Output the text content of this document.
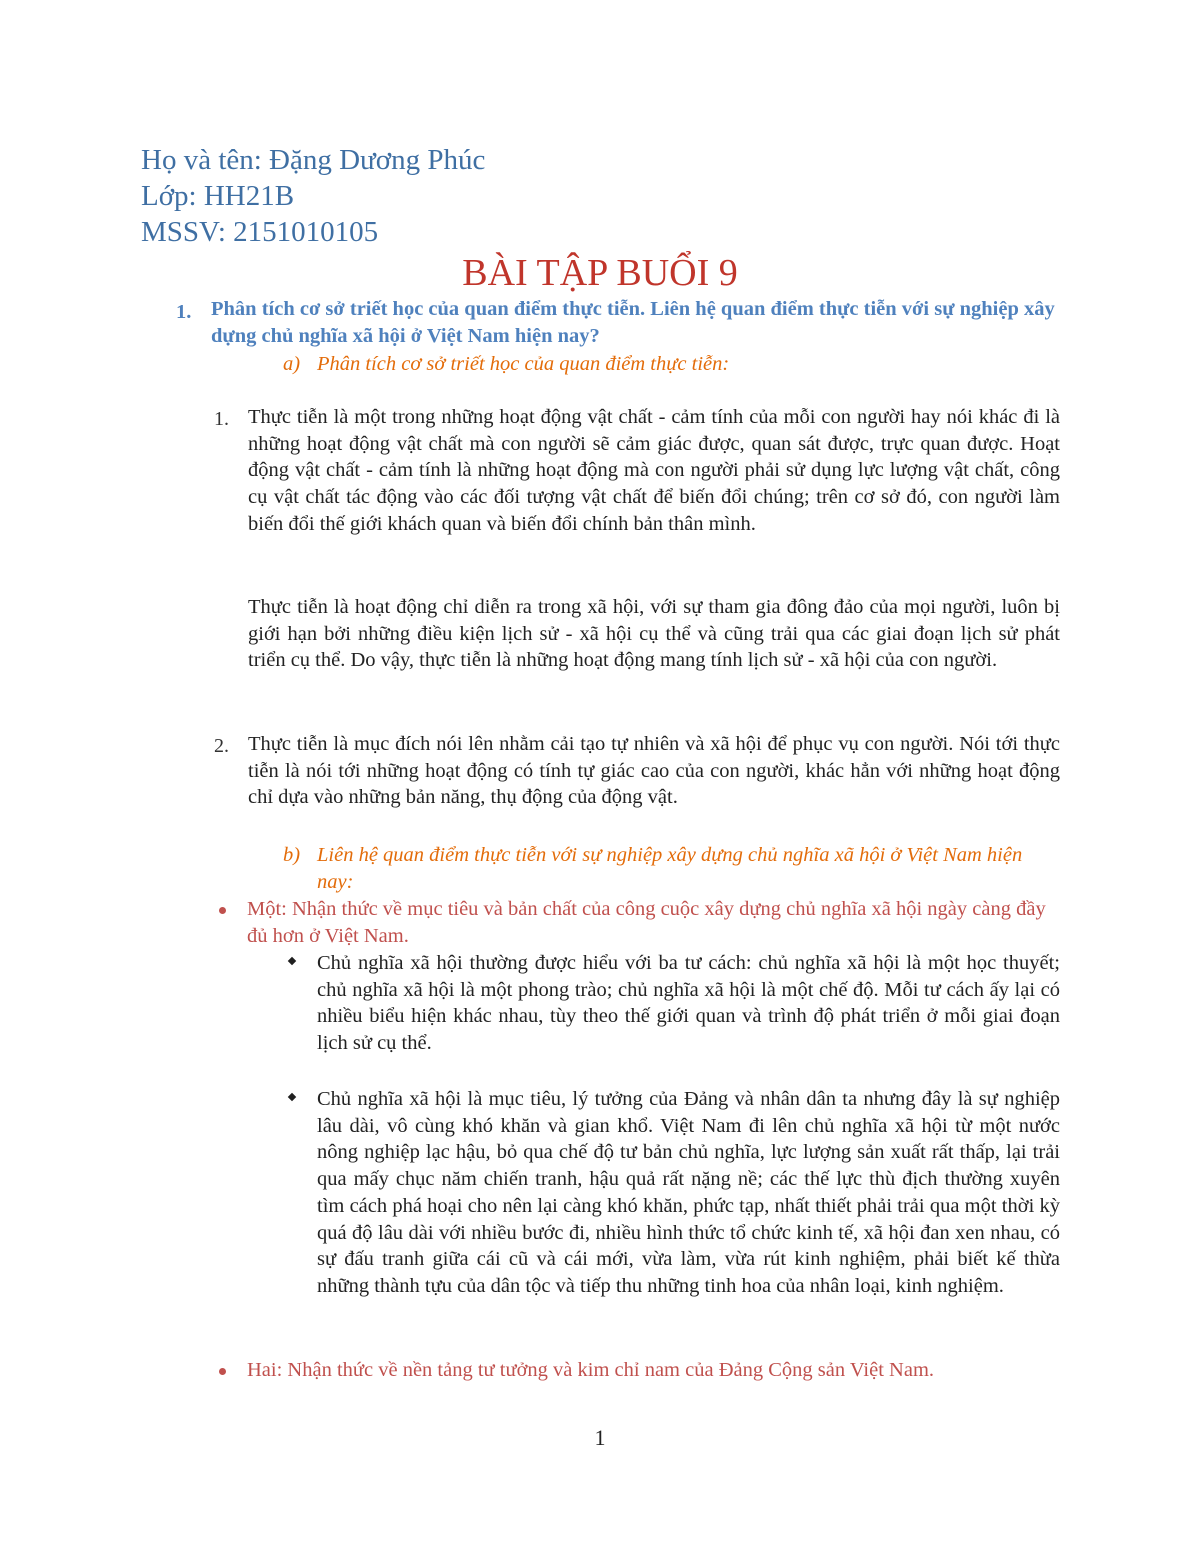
Họ và tên: Đặng Dương Phúc
Lớp: HH21B
MSSV: 2151010105
BÀI TẬP BUỔI 9
1. Phân tích cơ sở triết học của quan điểm thực tiễn. Liên hệ quan điểm thực tiễn với sự nghiệp xây dựng chủ nghĩa xã hội ở Việt Nam hiện nay?
a) Phân tích cơ sở triết học của quan điểm thực tiễn:
1. Thực tiễn là một trong những hoạt động vật chất - cảm tính của mỗi con người hay nói khác đi là những hoạt động vật chất mà con người sẽ cảm giác được, quan sát được, trực quan được. Hoạt động vật chất - cảm tính là những hoạt động mà con người phải sử dụng lực lượng vật chất, công cụ vật chất tác động vào các đối tượng vật chất để biến đổi chúng; trên cơ sở đó, con người làm biến đổi thế giới khách quan và biến đổi chính bản thân mình.
Thực tiễn là hoạt động chỉ diễn ra trong xã hội, với sự tham gia đông đảo của mọi người, luôn bị giới hạn bởi những điều kiện lịch sử - xã hội cụ thể và cũng trải qua các giai đoạn lịch sử phát triển cụ thể. Do vậy, thực tiễn là những hoạt động mang tính lịch sử - xã hội của con người.
2. Thực tiễn là mục đích nói lên nhằm cải tạo tự nhiên và xã hội để phục vụ con người. Nói tới thực tiễn là nói tới những hoạt động có tính tự giác cao của con người, khác hẳn với những hoạt động chỉ dựa vào những bản năng, thụ động của động vật.
b) Liên hệ quan điểm thực tiễn với sự nghiệp xây dựng chủ nghĩa xã hội ở Việt Nam hiện nay:
Một: Nhận thức về mục tiêu và bản chất của công cuộc xây dựng chủ nghĩa xã hội ngày càng đầy đủ hơn ở Việt Nam.
Chủ nghĩa xã hội thường được hiểu với ba tư cách: chủ nghĩa xã hội là một học thuyết; chủ nghĩa xã hội là một phong trào; chủ nghĩa xã hội là một chế độ. Mỗi tư cách ấy lại có nhiều biểu hiện khác nhau, tùy theo thế giới quan và trình độ phát triển ở mỗi giai đoạn lịch sử cụ thể.
Chủ nghĩa xã hội là mục tiêu, lý tưởng của Đảng và nhân dân ta nhưng đây là sự nghiệp lâu dài, vô cùng khó khăn và gian khổ. Việt Nam đi lên chủ nghĩa xã hội từ một nước nông nghiệp lạc hậu, bỏ qua chế độ tư bản chủ nghĩa, lực lượng sản xuất rất thấp, lại trải qua mấy chục năm chiến tranh, hậu quả rất nặng nề; các thế lực thù địch thường xuyên tìm cách phá hoại cho nên lại càng khó khăn, phức tạp, nhất thiết phải trải qua một thời kỳ quá độ lâu dài với nhiều bước đi, nhiều hình thức tổ chức kinh tế, xã hội đan xen nhau, có sự đấu tranh giữa cái cũ và cái mới, vừa làm, vừa rút kinh nghiệm, phải biết kế thừa những thành tựu của dân tộc và tiếp thu những tinh hoa của nhân loại, kinh nghiệm.
Hai: Nhận thức về nền tảng tư tưởng và kim chỉ nam của Đảng Cộng sản Việt Nam.
1
